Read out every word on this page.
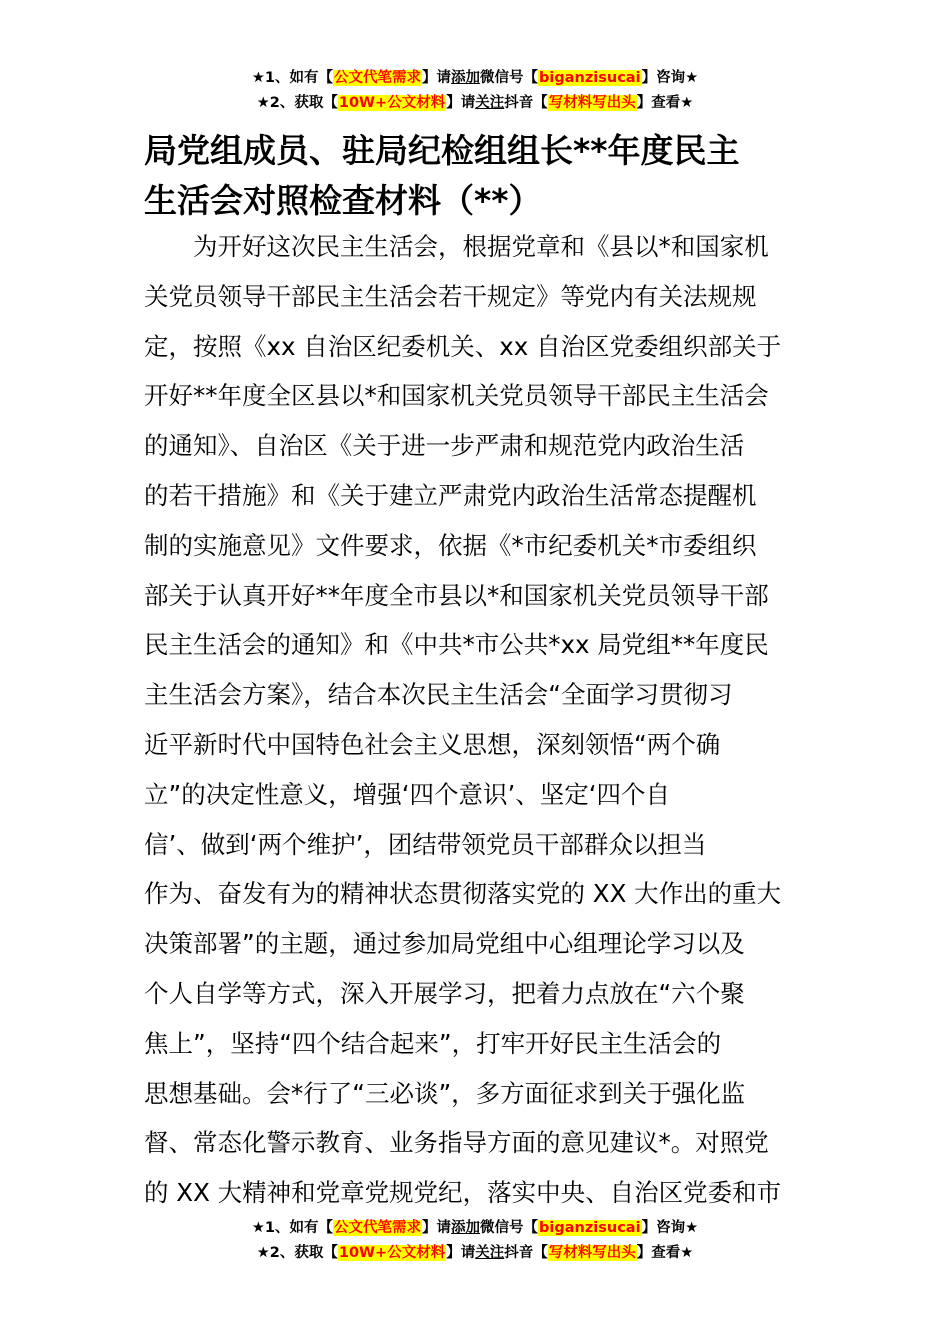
★1、如有【公文代笔需求】请添加微信号【biganzisucai】咨询★
★2、获取【10W+公文材料】请关注抖音【写材料写出头】查看★
局党组成员、驻局纪检组组长**年度民主
生活会对照检查材料（**）
　　为开好这次民主生活会，根据党章和《县以*和国家机
关党员领导干部民主生活会若干规定》等党内有关法规规
定，按照《xx 自治区纪委机关、xx 自治区党委组织部关于
开好**年度全区县以*和国家机关党员领导干部民主生活会
的通知》、自治区《关于进一步严肃和规范党内政治生活
的若干措施》和《关于建立严肃党内政治生活常态提醒机
制的实施意见》文件要求，依据《*市纪委机关*市委组织
部关于认真开好**年度全市县以*和国家机关党员领导干部
民主生活会的通知》和《中共*市公共*xx 局党组**年度民
主生活会方案》，结合本次民主生活会“全面学习贯彻习
近平新时代中国特色社会主义思想，深刻领悟“两个确
立”的决定性意义，增强‘四个意识’、坚定‘四个自
信’、做到‘两个维护’，团结带领党员干部群众以担当
作为、奋发有为的精神状态贯彻落实党的 XX 大作出的重大
决策部署”的主题，通过参加局党组中心组理论学习以及
个人自学等方式，深入开展学习，把着力点放在“六个聚
焦上”，坚持“四个结合起来”，打牢开好民主生活会的
思想基础。会*行了“三必谈”，多方面征求到关于强化监
督、常态化警示教育、业务指导方面的意见建议*。对照党
的 XX 大精神和党章党规党纪，落实中央、自治区党委和市
★1、如有【公文代笔需求】请添加微信号【biganzisucai】咨询★
★2、获取【10W+公文材料】请关注抖音【写材料写出头】查看★
